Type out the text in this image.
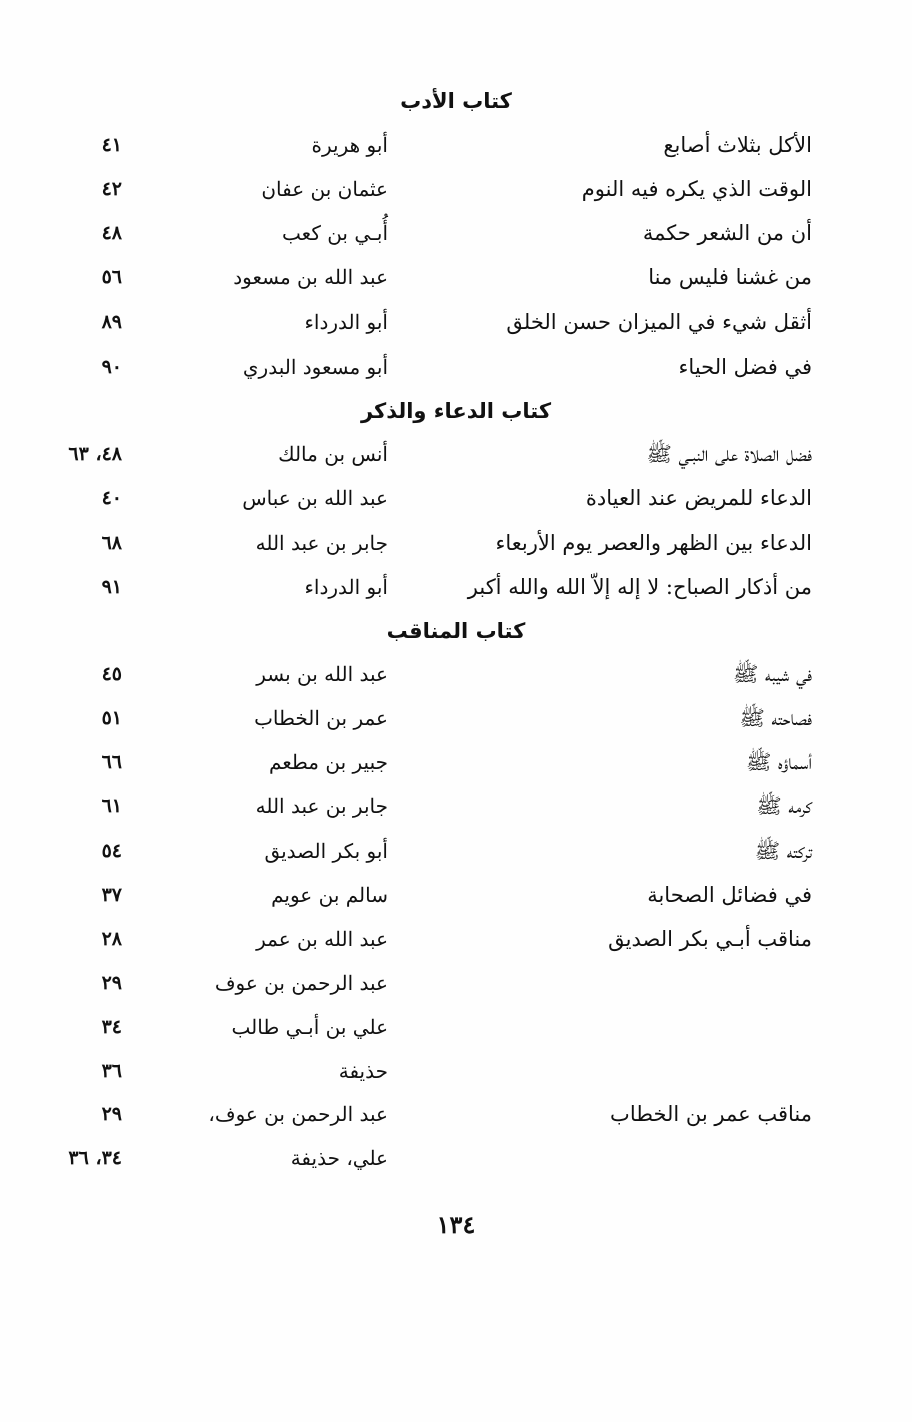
كتاب الأدب
الأكل بثلاث أصابع
أبو هريرة
٤١
الوقت الذي يكره فيه النوم
عثمان بن عفان
٤٢
أن من الشعر حكمة
أُبـي بن كعب
٤٨
من غشنا فليس منا
عبد الله بن مسعود
٥٦
أثقل شيء في الميزان حسن الخلق
أبو الدرداء
٨٩
في فضل الحياء
أبو مسعود البدري
٩٠
كتاب الدعاء والذكر
فضل الصلاة على النبـي ﷺ
أنس بن مالك
٤٨، ٦٣
الدعاء للمريض عند العيادة
عبد الله بن عباس
٤٠
الدعاء بين الظهر والعصر يوم الأربعاء
جابر بن عبد الله
٦٨
من أذكار الصباح: لا إله إلاّ الله والله أكبر
أبو الدرداء
٩١
كتاب المناقب
في شيبه ﷺ
عبد الله بن بسر
٤٥
فصاحته ﷺ
عمر بن الخطاب
٥١
أسماؤه ﷺ
جبير بن مطعم
٦٦
كرمه ﷺ
جابر بن عبد الله
٦١
تركته ﷺ
أبو بكر الصديق
٥٤
في فضائل الصحابة
سالم بن عويم
٣٧
مناقب أبـي بكر الصديق
عبد الله بن عمر
٢٨
عبد الرحمن بن عوف
٢٩
علي بن أبـي طالب
٣٤
حذيفة
٣٦
مناقب عمر بن الخطاب
عبد الرحمن بن عوف،
٢٩
علي، حذيفة
٣٤، ٣٦
١٣٤
